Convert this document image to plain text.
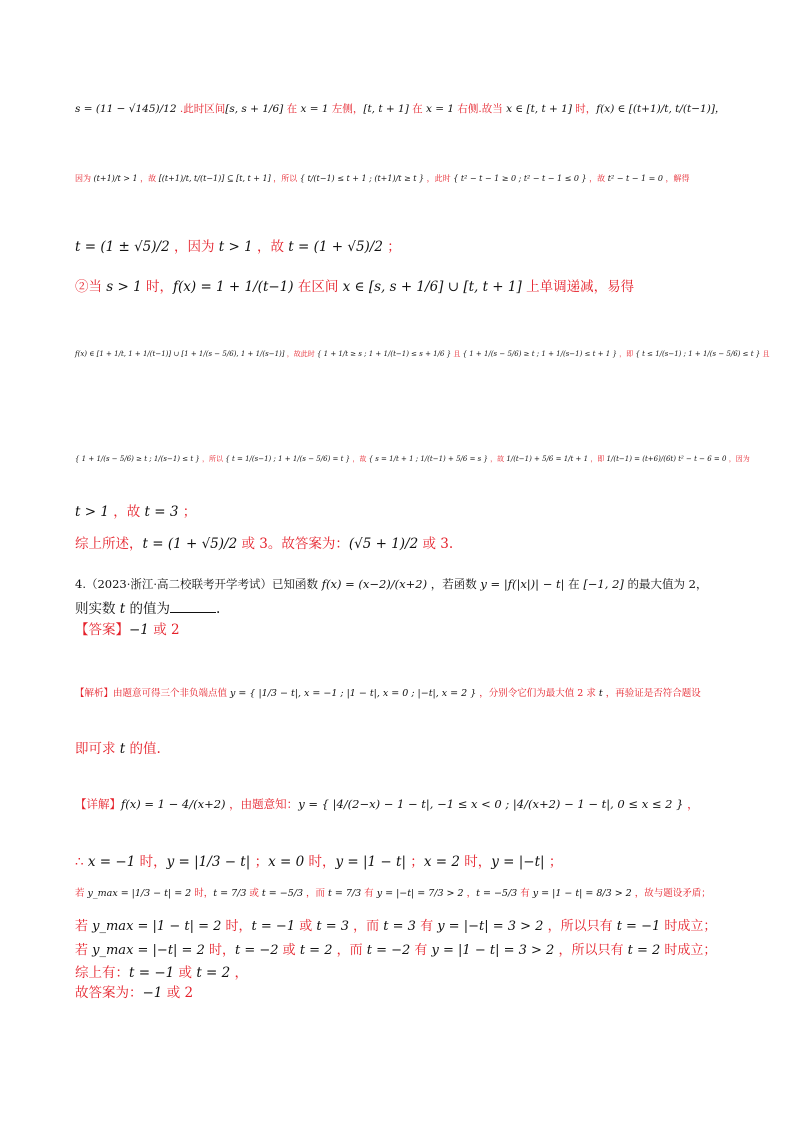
s = (11 − √145)/12 .此时区间[s, s + 1/6] 在 x = 1 左侧，[t, t + 1] 在 x = 1 右侧.故当 x ∈ [t, t + 1] 时，f(x) ∈ [(t+1)/t, t/(t−1)]，
因为 (t+1)/t > 1 ，故 [(t+1)/t, t/(t−1)] ⊆ [t, t + 1] ，所以 { t/(t−1) ≤ t + 1 ; (t+1)/t ≥ t } ，此时 { t² − t − 1 ≥ 0 ; t² − t − 1 ≤ 0 } ，故 t² − t − 1 = 0 ，解得
t = (1 ± √5)/2 ，因为 t > 1 ，故 t = (1 + √5)/2 ；
②当 s > 1 时，f(x) = 1 + 1/(t−1) 在区间 x ∈ [s, s + 1/6] ∪ [t, t + 1] 上单调递减，易得
f(x) ∈ [1 + 1/t, 1 + 1/(t−1)] ∪ [1 + 1/(s − 5/6), 1 + 1/(s−1)] ，故此时 { 1 + 1/t ≥ s ; 1 + 1/(t−1) ≤ s + 1/6 } 且 { 1 + 1/(s − 5/6) ≥ t ; 1 + 1/(s−1) ≤ t + 1 } ，即 { t ≤ 1/(s−1) ; 1 + 1/(s − 5/6) ≤ t } 且
{ 1 + 1/(s − 5/6) ≥ t ; 1/(s−1) ≤ t } ，所以 { t = 1/(s−1) ; 1 + 1/(s − 5/6) = t } ，故 { s = 1/t + 1 ; 1/(t−1) + 5/6 = s } ，故 1/(t−1) + 5/6 = 1/t + 1 ，即 1/(t−1) = (t+6)/(6t) t² − t − 6 = 0 ，因为
t > 1 ，故 t = 3 ；
综上所述，t = (1 + √5)/2 或 3。故答案为：(√5 + 1)/2 或 3.
4.（2023·浙江·高二校联考开学考试）已知函数 f(x) = (x−2)/(x+2) ，若函数 y = |f(|x|)| − t| 在 [−1, 2] 的最大值为 2，
则实数 t 的值为	.
【答案】−1 或 2
【解析】由题意可得三个非负端点值 y = { |1/3 − t|, x = −1 ; |1 − t|, x = 0 ; |−t|, x = 2 } ，分别令它们为最大值 2 求 t ，再验证是否符合题设
即可求 t 的值.
【详解】f(x) = 1 − 4/(x+2) ，由题意知：y = { |4/(2−x) − 1 − t|, −1 ≤ x < 0 ; |4/(x+2) − 1 − t|, 0 ≤ x ≤ 2 } ，
∴ x = −1 时，y = |1/3 − t| ；x = 0 时，y = |1 − t| ；x = 2 时，y = |−t| ；
若 y_max = |1/3 − t| = 2 时，t = 7/3 或 t = −5/3 ，而 t = 7/3 有 y = |−t| = 7/3 > 2 ，t = −5/3 有 y = |1 − t| = 8/3 > 2 ，故与题设矛盾；
若 y_max = |1 − t| = 2 时，t = −1 或 t = 3 ，而 t = 3 有 y = |−t| = 3 > 2 ，所以只有 t = −1 时成立；
若 y_max = |−t| = 2 时，t = −2 或 t = 2 ，而 t = −2 有 y = |1 − t| = 3 > 2 ，所以只有 t = 2 时成立；
综上有：t = −1 或 t = 2 ，
故答案为：−1 或 2
